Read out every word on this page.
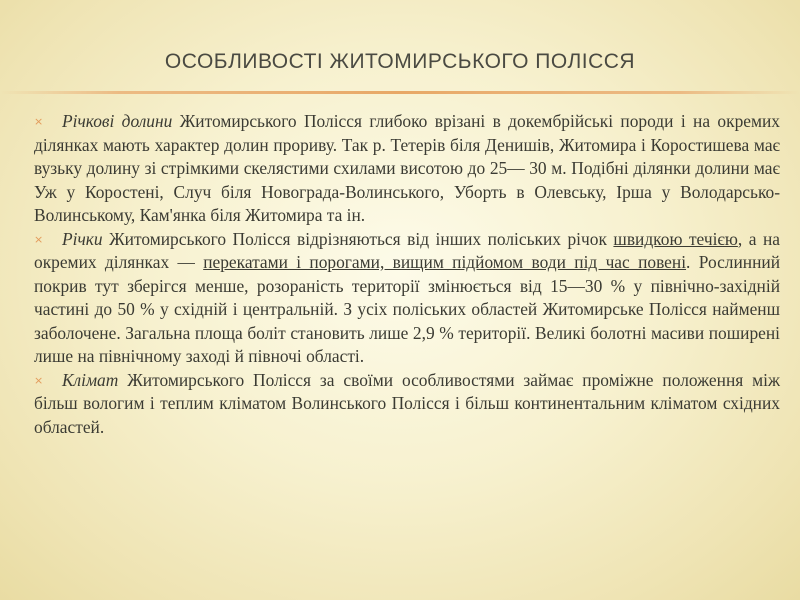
ОСОБЛИВОСТІ ЖИТОМИРСЬКОГО ПОЛІССЯ

× Річкові долини Житомирського Полісся глибоко врізані в докембрійські породи і на окремих ділянках мають характер долин прориву. Так р. Тетерів біля Денишів, Житомира і Коростишева має вузьку долину зі стрімкими скелястими схилами висотою до 25— 30 м. Подібні ділянки долини має Уж у Коростені, Случ біля Новограда-Волинського, Уборть в Олевську, Ірша у Володарсько-Волинському, Кам'янка біля Житомира та ін.

× Річки Житомирського Полісся відрізняються від інших поліських річок швидкою течією, а на окремих ділянках — перекатами і порогами, вищим підйомом води під час повені. Рослинний покрив тут зберігся менше, розораність території змінюється від 15—30 % у північно-західній частині до 50 % у східній і центральній. З усіх поліських областей Житомирське Полісся найменш заболочене. Загальна площа боліт становить лише 2,9 % території. Великі болотні масиви поширені лише на північному заході й півночі області.

× Клімат Житомирського Полісся за своїми особливостями займає проміжне положення між більш вологим і теплим кліматом Волинського Полісся і більш континентальним кліматом східних областей.
